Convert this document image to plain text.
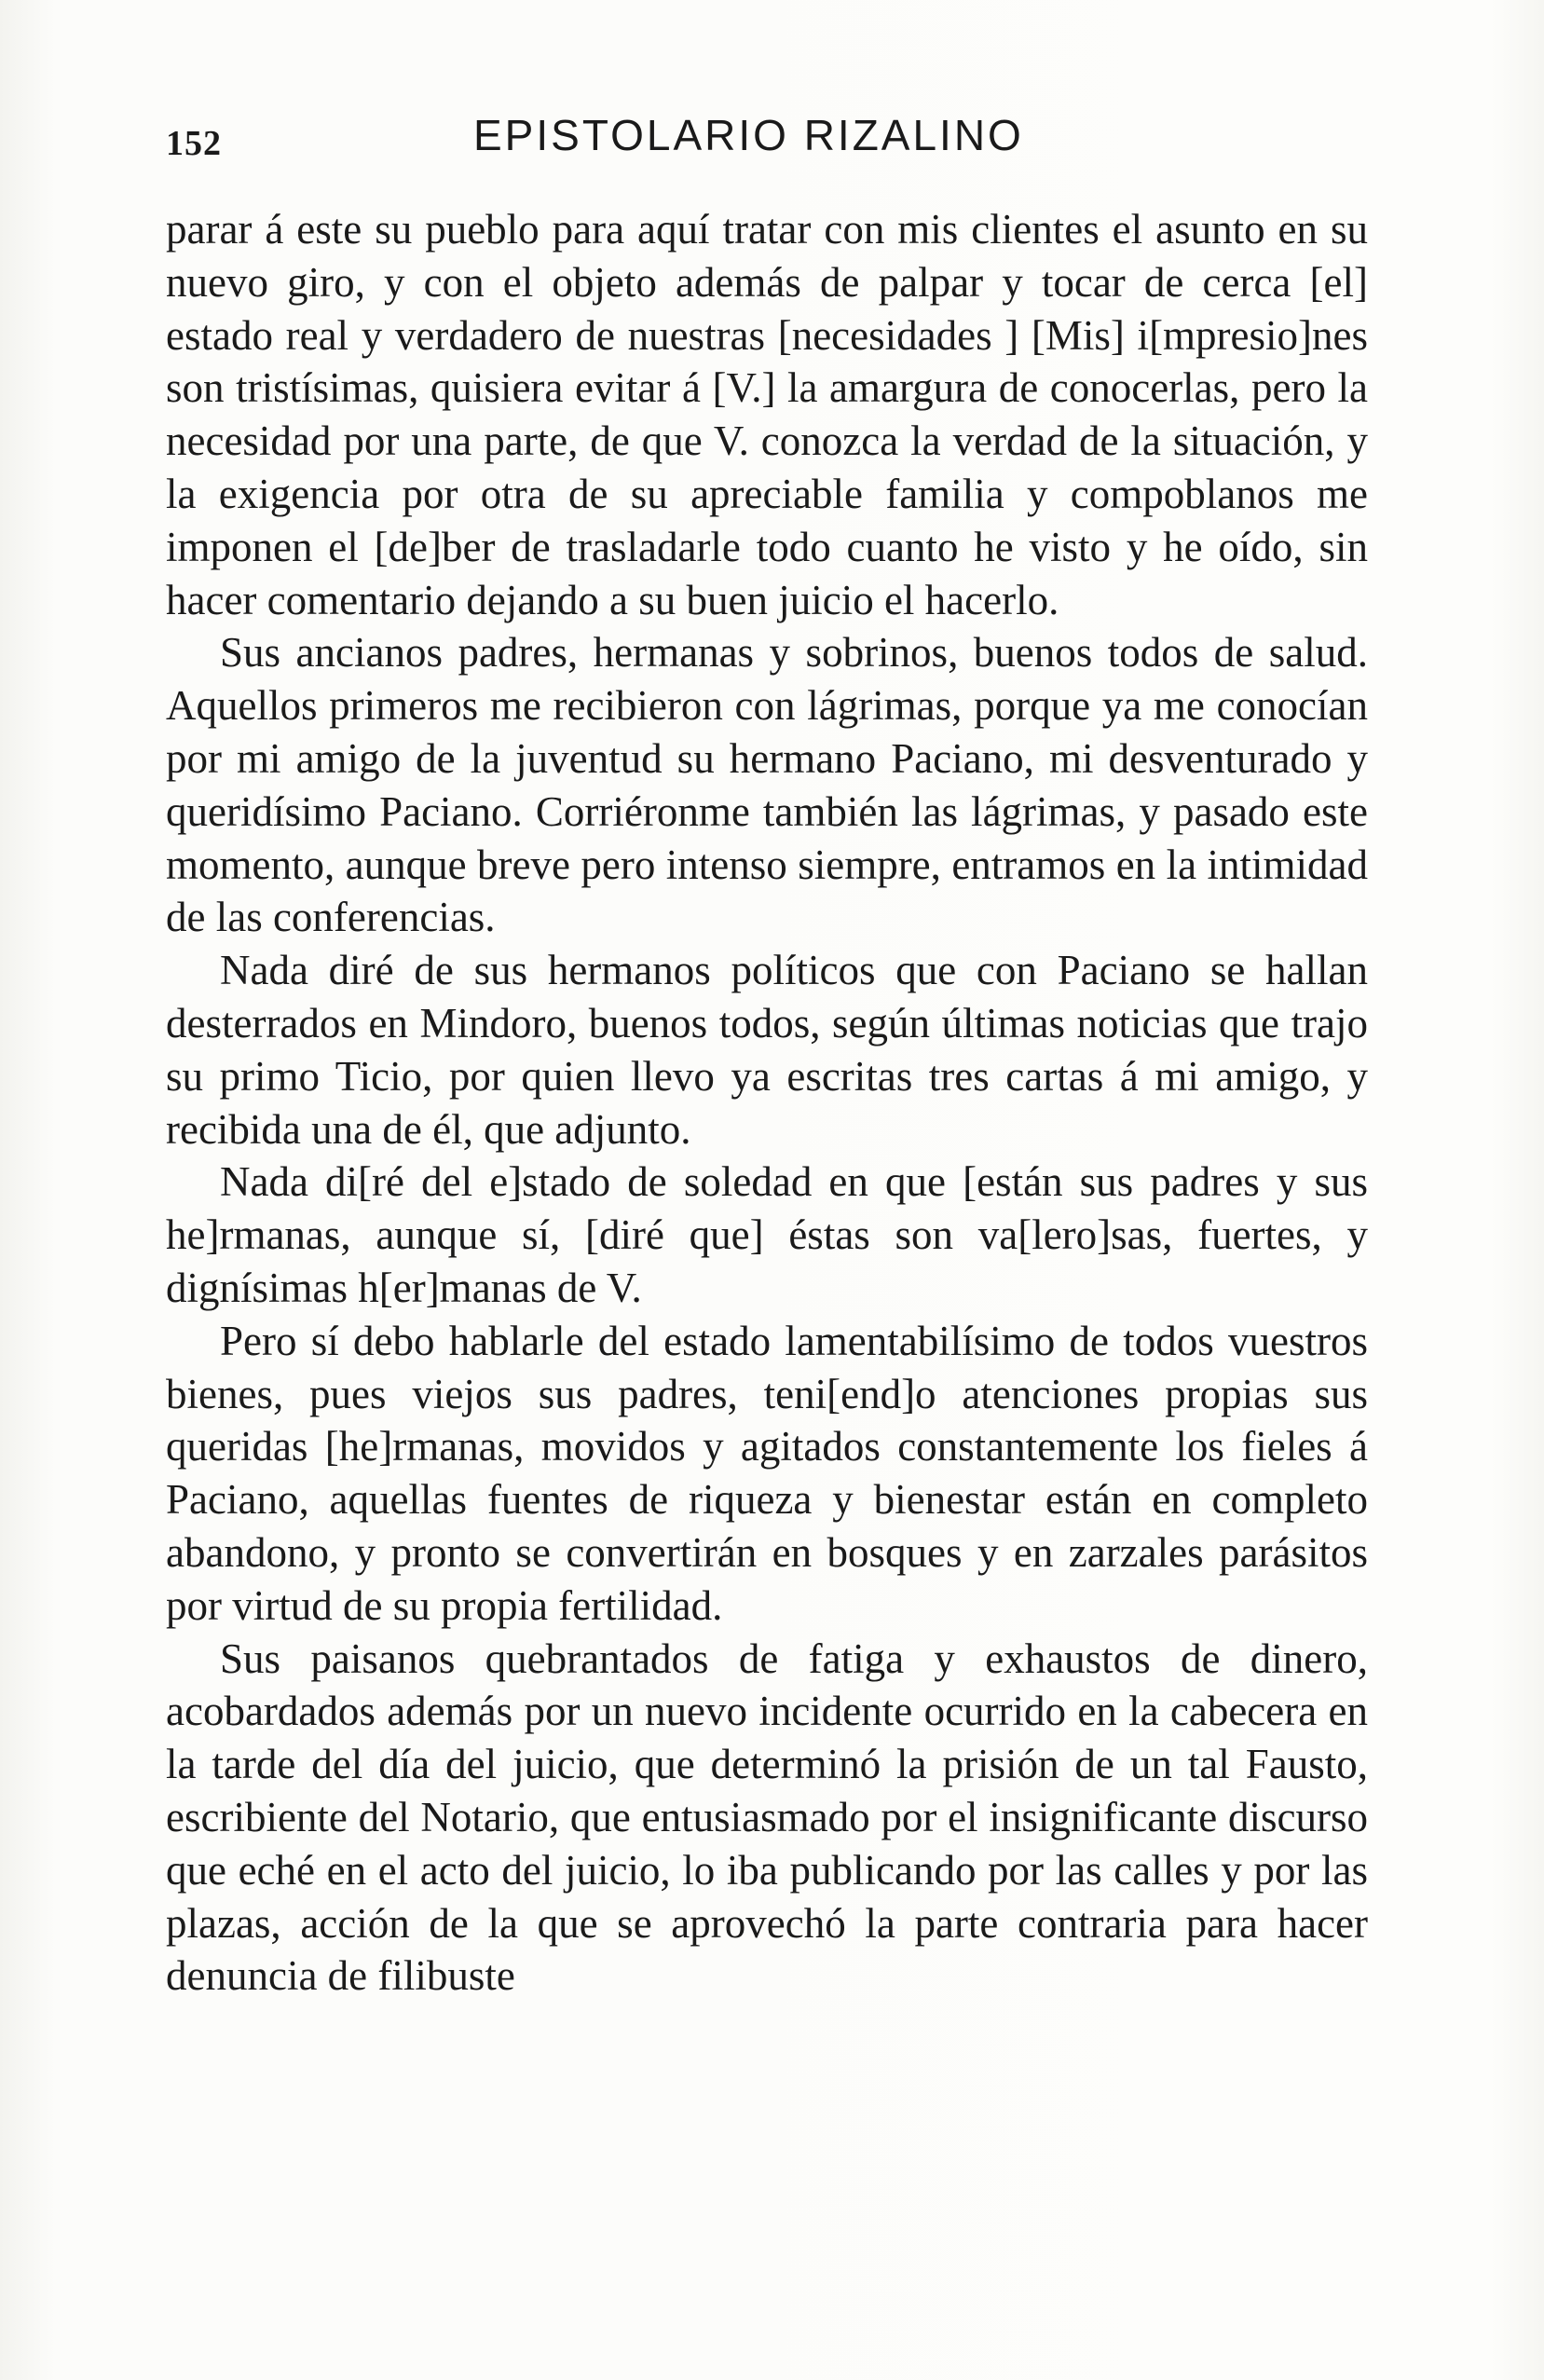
152	EPISTOLARIO RIZALINO

parar á este su pueblo para aquí tratar con mis clientes el asunto en su nuevo giro, y con el objeto además de palpar y tocar de cerca [el] estado real y verdadero de nuestras [necesidades ] [Mis] i[mpresio]nes son tristísimas, quisiera evitar á [V.] la amargura de conocerlas, pero la necesidad por una parte, de que V. conozca la verdad de la situación, y la exigencia por otra de su apreciable familia y compoblanos me imponen el [de]ber de trasladarle todo cuanto he visto y he oído, sin hacer comentario dejando a su buen juicio el hacerlo.

Sus ancianos padres, hermanas y sobrinos, buenos todos de salud. Aquellos primeros me recibieron con lágrimas, porque ya me conocían por mi amigo de la juventud su hermano Paciano, mi desventurado y queridísimo Paciano. Corriéronme también las lágrimas, y pasado este momento, aunque breve pero intenso siempre, entramos en la intimidad de las conferencias.

Nada diré de sus hermanos políticos que con Paciano se hallan desterrados en Mindoro, buenos todos, según últimas noticias que trajo su primo Ticio, por quien llevo ya escritas tres cartas á mi amigo, y recibida una de él, que adjunto.

Nada di[ré del e]stado de soledad en que [están sus padres y sus he]rmanas, aunque sí, [diré que] éstas son va[lero]sas, fuertes, y dignísimas h[er]manas de V.

Pero sí debo hablarle del estado lamentabilísimo de todos vuestros bienes, pues viejos sus padres, teni[end]o atenciones propias sus queridas [he]rmanas, movidos y agitados constantemente los fieles á Paciano, aquellas fuentes de riqueza y bienestar están en completo abandono, y pronto se convertirán en bosques y en zarzales parásitos por virtud de su propia fertilidad.

Sus paisanos quebrantados de fatiga y exhaustos de dinero, acobardados además por un nuevo incidente ocurrido en la cabecera en la tarde del día del juicio, que determinó la prisión de un tal Fausto, escribiente del Notario, que entusiasmado por el insignificante discurso que eché en el acto del juicio, lo iba publicando por las calles y por las plazas, acción de la que se aprovechó la parte contraria para hacer denuncia de filibuste
